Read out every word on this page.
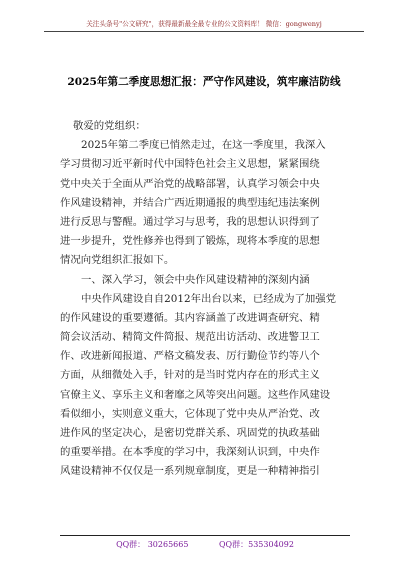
关注头条号"公文研究"，获得最新最全最专业的公文资料库！ 微信：gongwenyj
2025年第二季度思想汇报：严守作风建设，筑牢廉洁防线
敬爱的党组织：
2025年第二季度已悄然走过，在这一季度里，我深入
学习贯彻习近平新时代中国特色社会主义思想，紧紧围绕
党中央关于全面从严治党的战略部署，认真学习领会中央
作风建设精神，并结合广西近期通报的典型违纪违法案例
进行反思与警醒。通过学习与思考，我的思想认识得到了
进一步提升，党性修养也得到了锻炼，现将本季度的思想
情况向党组织汇报如下。
一、深入学习，领会中央作风建设精神的深刻内涵
中央作风建设自自2012年出台以来，已经成为了加强党
的作风建设的重要遵循。其内容涵盖了改进调查研究、精
简会议活动、精简文件简报、规范出访活动、改进警卫工
作、改进新闻报道、严格文稿发表、厉行勤俭节约等八个
方面，从细微处入手，针对的是当时党内存在的形式主义
官僚主义、享乐主义和奢靡之风等突出问题。这些作风建设
看似细小，实则意义重大，它体现了党中央从严治党、改
进作风的坚定决心，是密切党群关系、巩固党的执政基础
的重要举措。在本季度的学习中，我深刻认识到，中央作
风建设精神不仅仅是一系列规章制度，更是一种精神指引
QQ群： 30265665	QQ群：535304092
